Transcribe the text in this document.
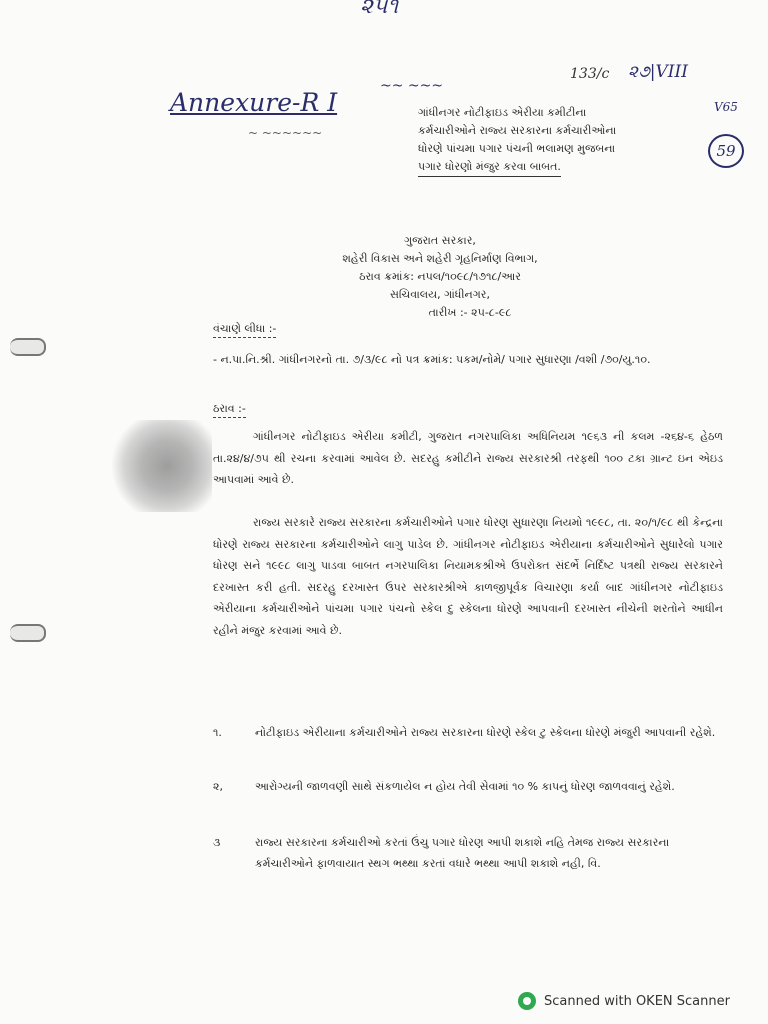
૨૫૧
Annexure-R I
~ ~~~~~~
~~ ~~~
133/c ૨૭|VIII
V65
59
ગાંધીનગર નોટીફાઇડ એરીયા કમીટીના
કર્મચારીઓને રાજ્ય સરકારના કર્મચારીઓના
ધોરણે પાંચમા પગાર પંચની ભલામણ મુજબના
પગાર ધોરણો મંજુર કરવા બાબત.
ગુજરાત સરકાર,
શહેરી વિકાસ અને શહેરી ગૃહનિર્માણ વિભાગ,
ઠરાવ ક્રમાંક: નપલ/૧૦૯૮/૧૭૧૮/આર
સચિવાલય, ગાંધીનગર,
તારીખ :- ૨૫-૮-૯૮
વંચાણે લીધા :-
- ન.પા.નિ.શ્રી. ગાંધીનગરનો તા. ૭/૩/૯૮ નો પત્ર ક્રમાંક: પકમ/નોમે/ પગાર સુધારણા /વશી /૭૦/યુ.૧૦.
ઠરાવ :-
ગાંધીનગર નોટીફાઇડ એરીયા કમીટી, ગુજરાત નગરપાલિકા અધિનિયમ ૧૯૬૩ ની કલમ -૨૬૪-૬ હેઠળ તા.૨૪/૪/૭૫ થી રચના કરવામાં આવેલ છે. સદરહુ કમીટીને રાજ્ય સરકારશ્રી તરફથી ૧૦૦ ટકા ગ્રાન્ટ ઇન એઇડ આપવામાં આવે છે.
રાજ્ય સરકારે રાજ્ય સરકારના કર્મચારીઓને પગાર ધોરણ સુધારણા નિયમો ૧૯૯૮, તા. ૨૦/૧/૯૮ થી કેન્દ્રના ધોરણે રાજ્ય સરકારના કર્મચારીઓને લાગુ પાડેલ છે. ગાંધીનગર નોટીફાઇડ એરીયાના કર્મચારીઓને સુધારેલો પગાર ધોરણ સને ૧૯૯૮ લાગુ પાડવા બાબત નગરપાલિકા નિયામકશ્રીએ ઉપરોક્ત સંદર્ભે નિર્દિષ્ટ પત્રથી રાજ્ય સરકારને દરખાસ્ત કરી હતી. સદરહુ દરખાસ્ત ઉપર સરકારશ્રીએ કાળજીપૂર્વક વિચારણા કર્યા બાદ ગાંધીનગર નોટીફાઇડ એરીયાના કર્મચારીઓને પાંચમા પગાર પંચનો સ્કેલ દુ સ્કેલના ધોરણે આપવાની દરખાસ્ત નીચેની શરતોને આધીન રહીને મંજુર કરવામાં આવે છે.
૧.	નોટીફાઇડ એરીયાના કર્મચારીઓને રાજ્ય સરકારના ધોરણે સ્કેલ ટુ સ્કેલના ધોરણે મંજુરી આપવાની રહેશે.
૨,	આરોગ્યની જાળવણી સાથે સંકળાયેલ ન હોય તેવી સેવામાં ૧૦ % કાપનું ધોરણ જાળવવાનું રહેશે.
૩	રાજ્ય સરકારના કર્મચારીઓ કરતાં ઉંચુ પગાર ધોરણ આપી શકાશે નહિ તેમજ રાજ્ય સરકારના કર્મચારીઓને ફાળવાયાત સ્થગ ભથ્થા કરતાં વધારે ભથ્થા આપી શકાશે નહી, વિ.
Scanned with OKEN Scanner
